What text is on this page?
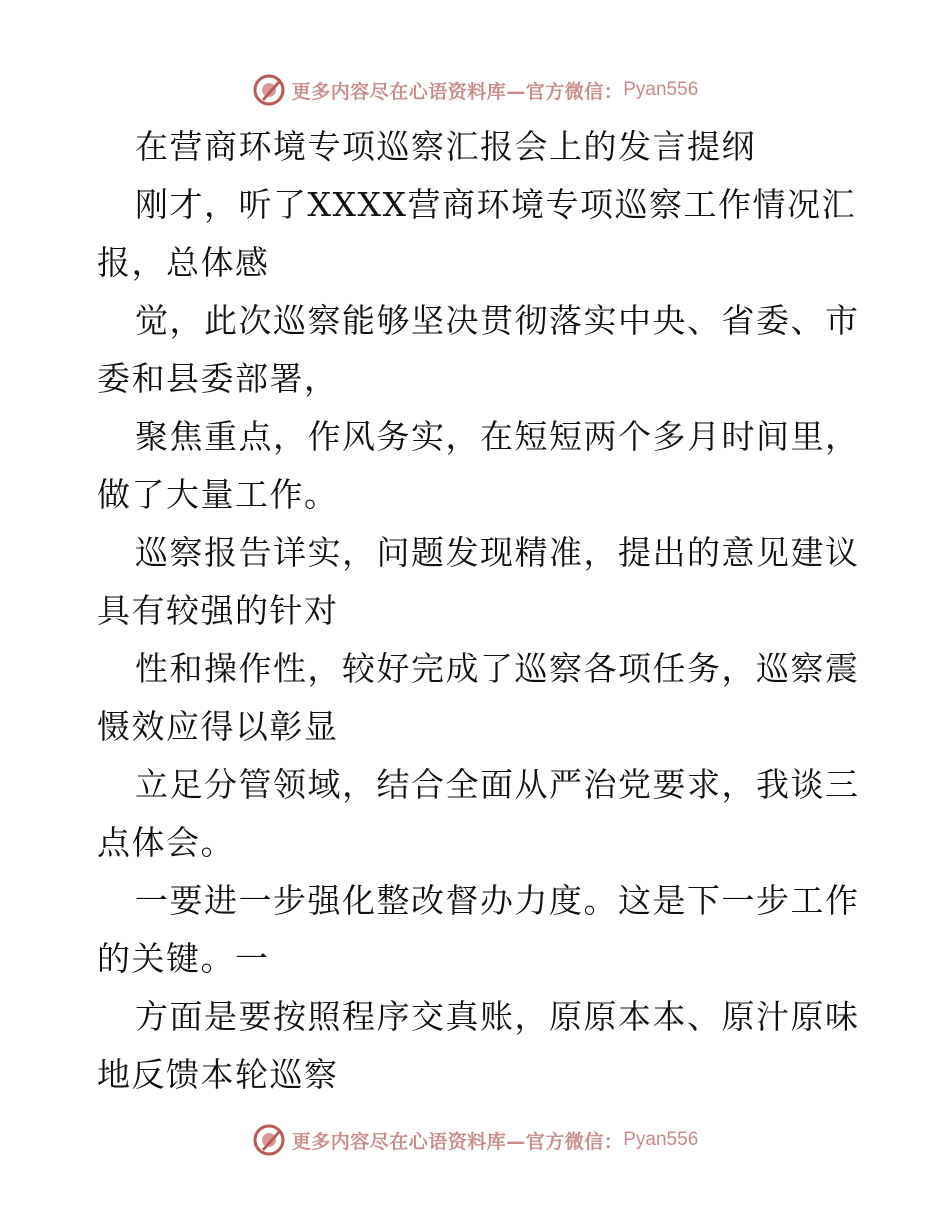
更多内容尽在心语资料库—官方微信： Pyan556
在营商环境专项巡察汇报会上的发言提纲
刚才，听了XXXX营商环境专项巡察工作情况汇
报，总体感
觉，此次巡察能够坚决贯彻落实中央、省委、市
委和县委部署，
聚焦重点，作风务实，在短短两个多月时间里，
做了大量工作。
巡察报告详实，问题发现精准，提出的意见建议
具有较强的针对
性和操作性，较好完成了巡察各项任务，巡察震
慑效应得以彰显
立足分管领域，结合全面从严治党要求，我谈三
点体会。
一要进一步强化整改督办力度。这是下一步工作
的关键。一
方面是要按照程序交真账，原原本本、原汁原味
地反馈本轮巡察
更多内容尽在心语资料库—官方微信： Pyan556
